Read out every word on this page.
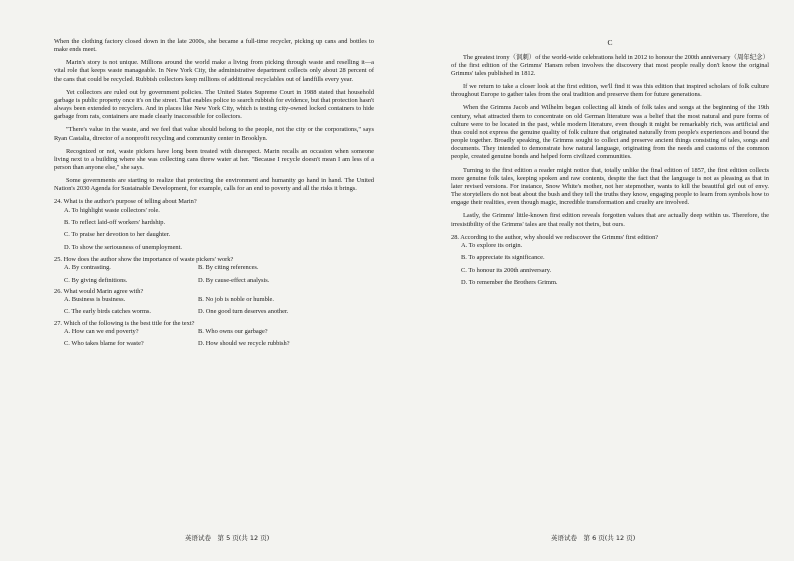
When the clothing factory closed down in the late 2000s, she became a full-time recycler, picking up cans and bottles to make ends meet.

Marin's story is not unique. Millions around the world make a living from picking through waste and reselling it—a vital role that keeps waste manageable. In New York City, the administrative department collects only about 28 percent of the cans that could be recycled. Rubbish collectors keep millions of additional recyclables out of landfills every year.

Yet collectors are ruled out by government policies. The United States Supreme Court in 1988 stated that household garbage is public property once it's on the street. That enables police to search rubbish for evidence, but that protection hasn't always been extended to recyclers. And in places like New York City, which is testing city-owned locked containers to hide garbage from rats, containers are made clearly inaccessible for collectors.

"There's value in the waste, and we feel that value should belong to the people, not the city or the corporations," says Ryan Castalia, director of a nonprofit recycling and community center in Brooklyn.

Recognized or not, waste pickers have long been treated with disrespect. Marin recalls an occasion when someone living next to a building where she was collecting cans threw water at her. "Because I recycle doesn't mean I am less of a person than anyone else," she says.

Some governments are starting to realize that protecting the environment and humanity go hand in hand. The United Nation's 2030 Agenda for Sustainable Development, for example, calls for an end to poverty and all the risks it brings.

24. What is the author's purpose of telling about Marin?
A. To highlight waste collectors' role.
B. To reflect laid-off workers' hardship.
C. To praise her devotion to her daughter.
D. To show the seriousness of unemployment.
25. How does the author show the importance of waste pickers' work?
A. By contrasting.	B. By citing references.
C. By giving definitions.	D. By cause-effect analysis.
26. What would Marin agree with?
A. Business is business.	B. No job is noble or humble.
C. The early birds catches worms.	D. One good turn deserves another.
27. Which of the following is the best title for the text?
A. How can we end poverty?	B. Who owns our garbage?
C. Who takes blame for waste?	D. How should we recycle rubbish?
C

The greatest irony（讽刺）of the world-wide celebrations held in 2012 to honour the 200th anniversary（周年纪念）of the first edition of the Grimms' Hansm reben involves the discovery that most people really don't know the original Grimms' tales published in 1812.

If we return to take a closer look at the first edition, we'll find it was this edition that inspired scholars of folk culture throughout Europe to gather tales from the oral tradition and preserve them for future generations.

When the Grimms Jacob and Wilhelm began collecting all kinds of folk tales and songs at the beginning of the 19th century, what attracted them to concentrate on old German literature was a belief that the most natural and pure forms of culture were to be located in the past, while modern literature, even though it might be remarkably rich, was artificial and thus could not express the genuine quality of folk culture that originated naturally from people's experiences and bound the people together. Broadly speaking, the Grimms sought to collect and preserve ancient things consisting of tales, songs and documents. They intended to demonstrate how natural language, originating from the needs and customs of the common people, created genuine bonds and helped form civilized communities.

Turning to the first edition a reader might notice that, totally unlike the final edition of 1857, the first edition collects more genuine folk tales, keeping spoken and raw contents, despite the fact that the language is not as pleasing as that in later revised versions. For instance, Snow White's mother, not her stepmother, wants to kill the beautiful girl out of envy. The storytellers do not beat about the bush and they tell the truths they know, engaging people to learn from symbols how to engage their realities, even though magic, incredible transformation and cruelty are involved.

Lastly, the Grimms' little-known first edition reveals forgotten values that are actually deep within us. Therefore, the irresistibility of the Grimms' tales are that really not theirs, but ours.

28. According to the author, why should we rediscover the Grimms' first edition?
A. To explore its origin.
B. To appreciate its significance.
C. To honour its 200th anniversary.
D. To remember the Brothers Grimm.
英语试卷　第 5 页(共 12 页)	英语试卷　第 6 页(共 12 页)
